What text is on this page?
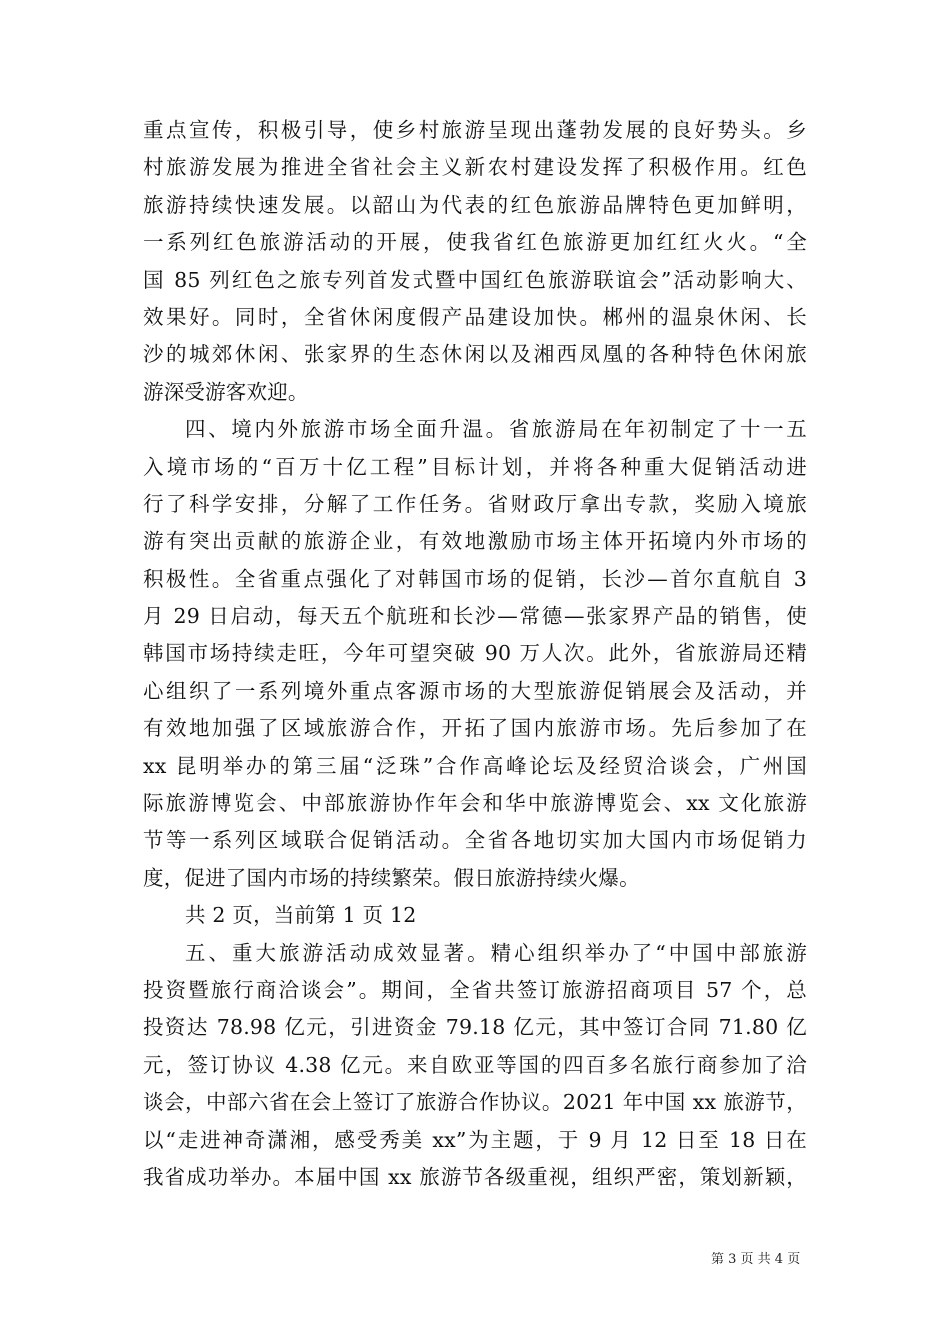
重点宣传，积极引导，使乡村旅游呈现出蓬勃发展的良好势头。乡
村旅游发展为推进全省社会主义新农村建设发挥了积极作用。红色
旅游持续快速发展。以韶山为代表的红色旅游品牌特色更加鲜明，
一系列红色旅游活动的开展，使我省红色旅游更加红红火火。“全
国 85 列红色之旅专列首发式暨中国红色旅游联谊会”活动影响大、
效果好。同时，全省休闲度假产品建设加快。郴州的温泉休闲、长
沙的城郊休闲、张家界的生态休闲以及湘西凤凰的各种特色休闲旅
游深受游客欢迎。
四、境内外旅游市场全面升温。省旅游局在年初制定了十一五
入境市场的“百万十亿工程”目标计划，并将各种重大促销活动进
行了科学安排，分解了工作任务。省财政厅拿出专款，奖励入境旅
游有突出贡献的旅游企业，有效地激励市场主体开拓境内外市场的
积极性。全省重点强化了对韩国市场的促销，长沙—首尔直航自 3
月 29 日启动，每天五个航班和长沙—常德—张家界产品的销售，使
韩国市场持续走旺，今年可望突破 90 万人次。此外，省旅游局还精
心组织了一系列境外重点客源市场的大型旅游促销展会及活动，并
有效地加强了区域旅游合作，开拓了国内旅游市场。先后参加了在
xx 昆明举办的第三届“泛珠”合作高峰论坛及经贸洽谈会，广州国
际旅游博览会、中部旅游协作年会和华中旅游博览会、xx 文化旅游
节等一系列区域联合促销活动。全省各地切实加大国内市场促销力
度，促进了国内市场的持续繁荣。假日旅游持续火爆。
共 2 页，当前第 1 页 12
五、重大旅游活动成效显著。精心组织举办了“中国中部旅游
投资暨旅行商洽谈会”。期间，全省共签订旅游招商项目 57 个，总
投资达 78.98 亿元，引进资金 79.18 亿元，其中签订合同 71.80 亿
元，签订协议 4.38 亿元。来自欧亚等国的四百多名旅行商参加了洽
谈会，中部六省在会上签订了旅游合作协议。2021 年中国 xx 旅游节，
以“走进神奇潇湘，感受秀美 xx”为主题，于 9 月 12 日至 18 日在
我省成功举办。本届中国 xx 旅游节各级重视，组织严密，策划新颖，
第 3 页 共 4 页
